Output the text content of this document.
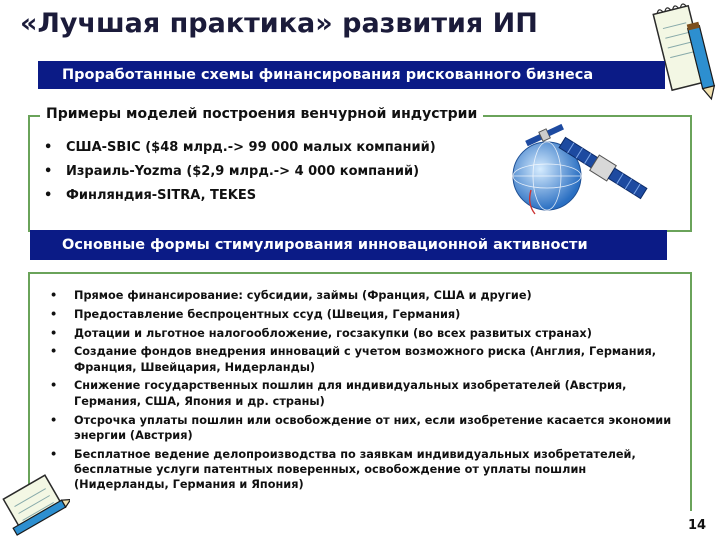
«Лучшая практика» развития ИП
Проработанные схемы финансирования рискованного бизнеса
Примеры моделей построения венчурной индустрии
• США-SBIC ($48 млрд.-> 99 000 малых компаний)
• Израиль-Yozma ($2,9 млрд.-> 4 000 компаний)
• Финляндия-SITRA, TEKES
Основные формы стимулирования инновационной активности
• Прямое финансирование: субсидии, займы (Франция, США и другие)
• Предоставление беспроцентных ссуд (Швеция, Германия)
• Дотации и льготное налогообложение, госзакупки (во всех развитых странах)
• Создание фондов внедрения инноваций с учетом возможного риска (Англия, Германия, Франция, Швейцария, Нидерланды)
• Снижение государственных пошлин для индивидуальных изобретателей (Австрия, Германия, США, Япония и др. страны)
• Отсрочка уплаты пошлин или освобождение от них, если изобретение касается экономии энергии (Австрия)
• Бесплатное ведение делопроизводства по заявкам индивидуальных изобретателей, бесплатные услуги патентных поверенных, освобождение от уплаты пошлин (Нидерланды, Германия и Япония)
14
